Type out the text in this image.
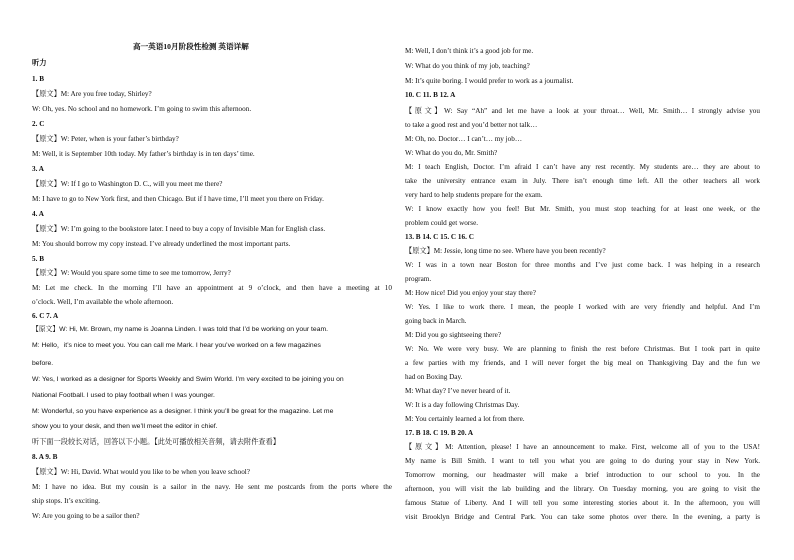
高一英语10月阶段性检测 英语详解
听力
1. B
【原文】M: Are you free today, Shirley?
W: Oh, yes. No school and no homework. I’m going to swim this afternoon.
2. C
【原文】W: Peter, when is your father’s birthday?
M: Well, it is September 10th today. My father’s birthday is in ten days’ time.
3. A
【原文】W: If I go to Washington D. C., will you meet me there?
M: I have to go to New York first, and then Chicago. But if I have time, I’ll meet you there on Friday.
4. A
【原文】W: I’m going to the bookstore later. I need to buy a copy of Invisible Man for English class.
M: You should borrow my copy instead. I’ve already underlined the most important parts.
5. B
【原文】W: Would you spare some time to see me tomorrow, Jerry?
M: Let me check. In the morning I’ll have an appointment at 9 o’clock, and then have a meeting at 10
o’clock. Well, I’m available the whole afternoon.
6. C 7. A
【原文】W: Hi, Mr. Brown, my name is Joanna Linden. I was told that I’d be working on your team.
M: Hello，it’s nice to meet you. You can call me Mark. I hear you’ve worked on a few magazines
before.
W: Yes, I worked as a designer for Sports Weekly and Swim World. I’m very excited to be joining you on
National Football. I used to play football when I was younger.
M: Wonderful, so you have experience as a designer. I think you’ll be great for the magazine. Let me
show you to your desk, and then we’ll meet the editor in chief.
听下面一段较长对话，回答以下小题。【此处可播放相关音频，请去附件查看】
8. A 9. B
【原文】W: Hi, David. What would you like to be when you leave school?
M: I have no idea. But my cousin is a sailor in the navy. He sent me postcards from the ports where the
ship stops. It’s exciting.
W: Are you going to be a sailor then?
M: Well, I don’t think it’s a good job for me.
W: What do you think of my job, teaching?
M: It’s quite boring. I would prefer to work as a journalist.
10. C 11. B 12. A
【原文】W: Say “Ah” and let me have a look at your throat… Well, Mr. Smith… I strongly advise you
to take a good rest and you’d better not talk…
M: Oh, no. Doctor… I can’t… my job…
W: What do you do, Mr. Smith?
M: I teach English, Doctor. I’m afraid I can’t have any rest recently. My students are… they are about to
take the university entrance exam in July. There isn’t enough time left. All the other teachers all work
very hard to help students prepare for the exam.
W: I know exactly how you feel! But Mr. Smith, you must stop teaching for at least one week, or the
problem could get worse.
13. B 14. C 15. C 16. C
【原文】M: Jessie, long time no see. Where have you been recently?
W: I was in a town near Boston for three months and I’ve just come back. I was helping in a research
program.
M: How nice! Did you enjoy your stay there?
W: Yes. I like to work there. I mean, the people I worked with are very friendly and helpful. And I’m
going back in March.
M: Did you go sightseeing there?
W: No. We were very busy. We are planning to finish the rest before Christmas. But I took part in quite
a few parties with my friends, and I will never forget the big meal on Thanksgiving Day and the fun we
had on Boxing Day.
M: What day? I’ve never heard of it.
W: It is a day following Christmas Day.
M: You certainly learned a lot from there.
17. B 18. C 19. B 20. A
【原文】M: Attention, please! I have an announcement to make. First, welcome all of you to the USA!
My name is Bill Smith. I want to tell you what you are going to do during your stay in New York.
Tomorrow morning, our headmaster will make a brief introduction to our school to you. In the
afternoon, you will visit the lab building and the library. On Tuesday morning, you are going to visit the
famous Statue of Liberty. And I will tell you some interesting stories about it. In the afternoon, you will
visit Brooklyn Bridge and Central Park. You can take some photos over there. In the evening, a party is
